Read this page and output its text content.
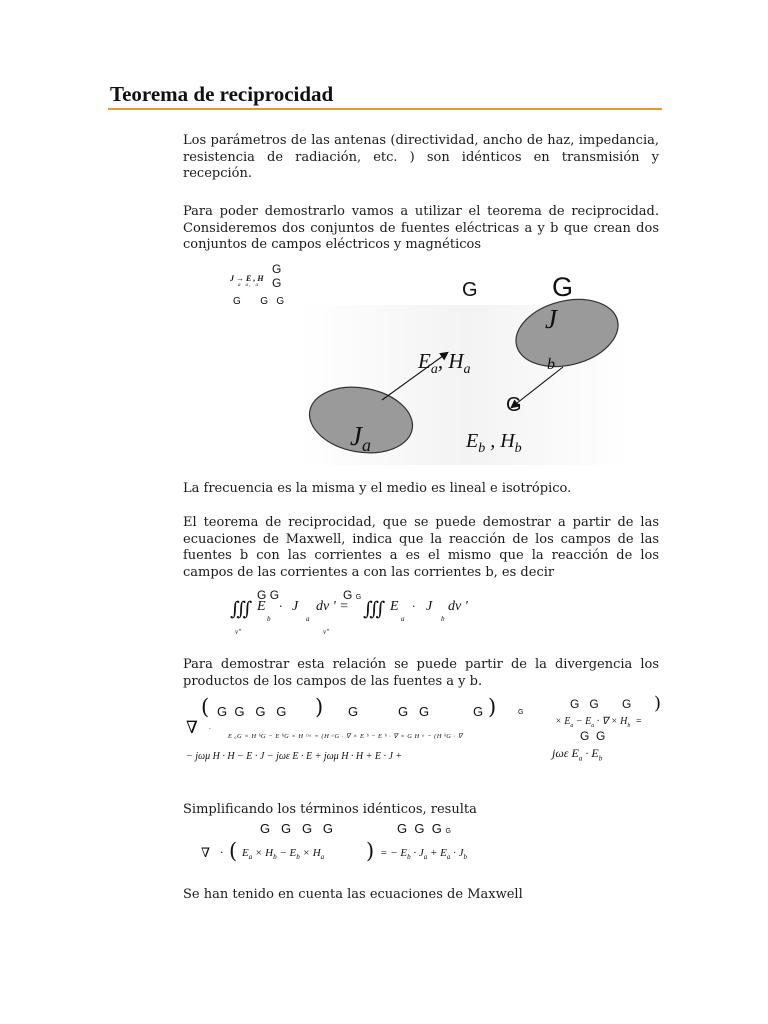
Teorema de reciprocidad
Los parámetros de las antenas (directividad, ancho de haz, impedancia, resistencia de radiación, etc. ) son idénticos en transmisión y recepción.
Para poder demostrarlo vamos a utilizar el teorema de reciprocidad. Consideremos dos conjuntos de fuentes eléctricas a y b que crean dos conjuntos de campos eléctricos y magnéticos
G G
J → E , H
a    a ,    a
G G G
G	G
J
b
Ea, Ha
G
Ja	Eb , Hb
La frecuencia es la misma y el medio es lineal e isotrópico.
El teorema de reciprocidad, que se puede demostrar a partir de las ecuaciones de Maxwell, indica que la reacción de los campos de las fuentes b con las corrientes a es el mismo que la reacción de los campos de las corrientes a con las corrientes b, es decir
G G	G G
∭ E · J dv ' = ∭ E · J dv '
b	a	a	b
v''	v''
Para demostrar esta relación se puede partir de la divergencia los productos de los campos de las fuentes a y b.
( G G G G ) G	G G	G )	G
∇ ·
E ₐG × H ᵇG − E ᵇG × H ᴳᵃ = (H ᵃG · ∇ × E ᵇ − E ᵇ · ∇ × G H ᵃ − (H ᵇG · ∇
− jωμ H · H − E · J − jωε E · E + jωμ H · H + E · J +
G G G )
× $E_a - E_a$ · ∇ × $H_b$ =
G G
jωε $E_a \cdot E_b$
Simplificando los términos idénticos, resulta
G G G G	G G G G
∇ · ( $E_a \times H_b - E_b \times H_a$ ) = − $E_b \cdot J_a + E_a \cdot J_b$
Se han tenido en cuenta las ecuaciones de Maxwell
